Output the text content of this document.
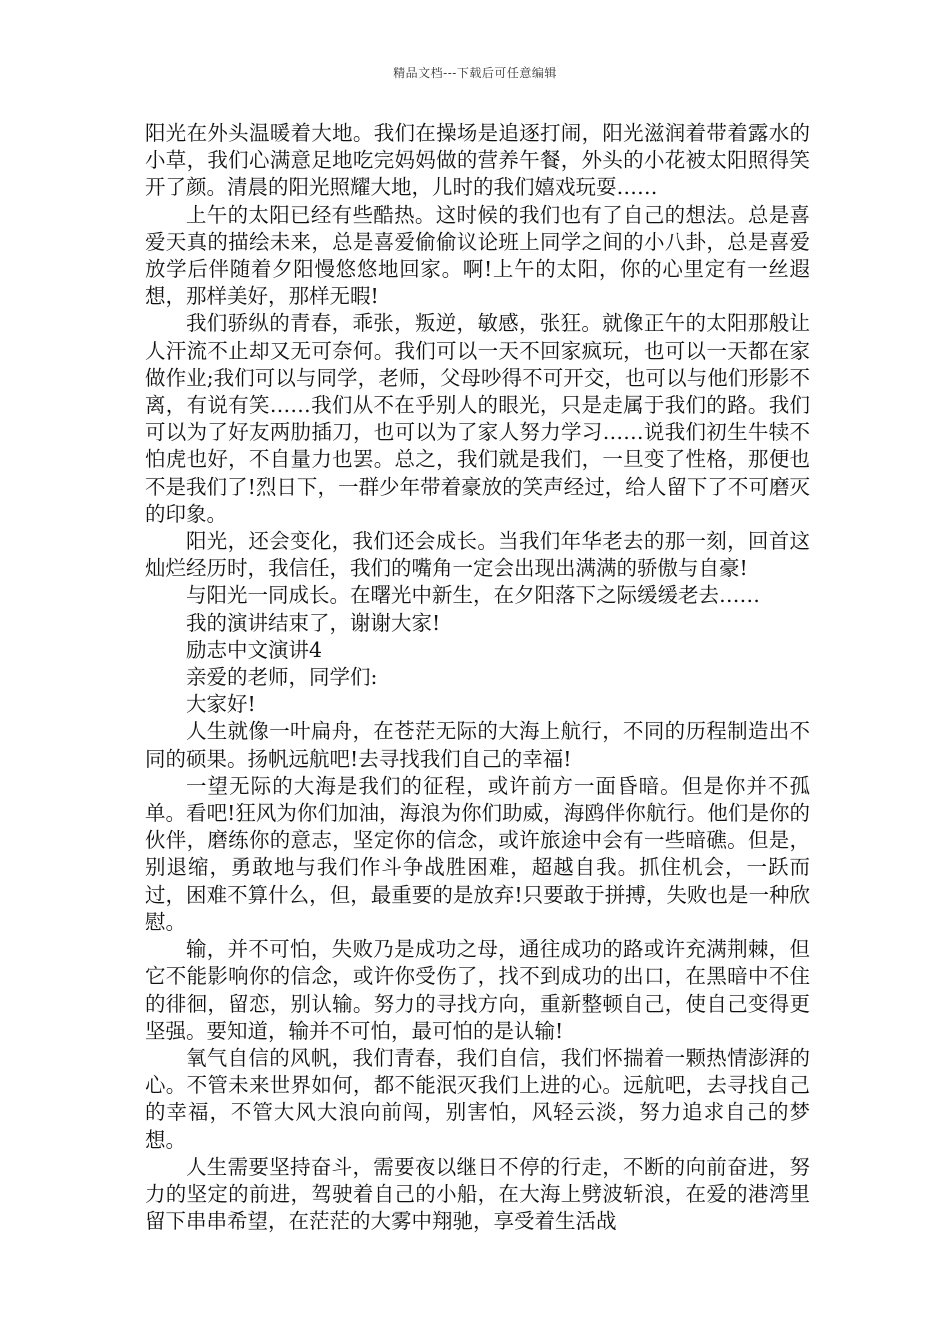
精品文档---下载后可任意编辑

阳光在外头温暖着大地。我们在操场是追逐打闹，阳光滋润着带着露水的小草，我们心满意足地吃完妈妈做的营养午餐，外头的小花被太阳照得笑开了颜。清晨的阳光照耀大地，儿时的我们嬉戏玩耍……

上午的太阳已经有些酷热。这时候的我们也有了自己的想法。总是喜爱天真的描绘未来，总是喜爱偷偷议论班上同学之间的小八卦，总是喜爱放学后伴随着夕阳慢悠悠地回家。啊!上午的太阳，你的心里定有一丝遐想，那样美好，那样无暇!

我们骄纵的青春，乖张，叛逆，敏感，张狂。就像正午的太阳那般让人汗流不止却又无可奈何。我们可以一天不回家疯玩，也可以一天都在家做作业;我们可以与同学，老师，父母吵得不可开交，也可以与他们形影不离，有说有笑……我们从不在乎别人的眼光，只是走属于我们的路。我们可以为了好友两肋插刀，也可以为了家人努力学习……说我们初生牛犊不怕虎也好，不自量力也罢。总之，我们就是我们，一旦变了性格，那便也不是我们了!烈日下，一群少年带着豪放的笑声经过，给人留下了不可磨灭的印象。

阳光，还会变化，我们还会成长。当我们年华老去的那一刻，回首这灿烂经历时，我信任，我们的嘴角一定会出现出满满的骄傲与自豪!

与阳光一同成长。在曙光中新生，在夕阳落下之际缓缓老去……

我的演讲结束了，谢谢大家!

励志中文演讲4

亲爱的老师，同学们:

大家好!

人生就像一叶扁舟，在苍茫无际的大海上航行，不同的历程制造出不同的硕果。扬帆远航吧!去寻找我们自己的幸福!

一望无际的大海是我们的征程，或许前方一面昏暗。但是你并不孤单。看吧!狂风为你们加油，海浪为你们助威，海鸥伴你航行。他们是你的伙伴，磨练你的意志，坚定你的信念，或许旅途中会有一些暗礁。但是，别退缩，勇敢地与我们作斗争战胜困难，超越自我。抓住机会，一跃而过，困难不算什么，但，最重要的是放弃!只要敢于拼搏，失败也是一种欣慰。

输，并不可怕，失败乃是成功之母，通往成功的路或许充满荆棘，但它不能影响你的信念，或许你受伤了，找不到成功的出口，在黑暗中不住的徘徊，留恋，别认输。努力的寻找方向，重新整顿自己，使自己变得更坚强。要知道，输并不可怕，最可怕的是认输!

氧气自信的风帆，我们青春，我们自信，我们怀揣着一颗热情澎湃的心。不管未来世界如何，都不能泯灭我们上进的心。远航吧，去寻找自己的幸福，不管大风大浪向前闯，别害怕，风轻云淡，努力追求自己的梦想。

人生需要坚持奋斗，需要夜以继日不停的行走，不断的向前奋进，努力的坚定的前进，驾驶着自己的小船，在大海上劈波斩浪，在爱的港湾里留下串串希望，在茫茫的大雾中翔驰，享受着生活战
